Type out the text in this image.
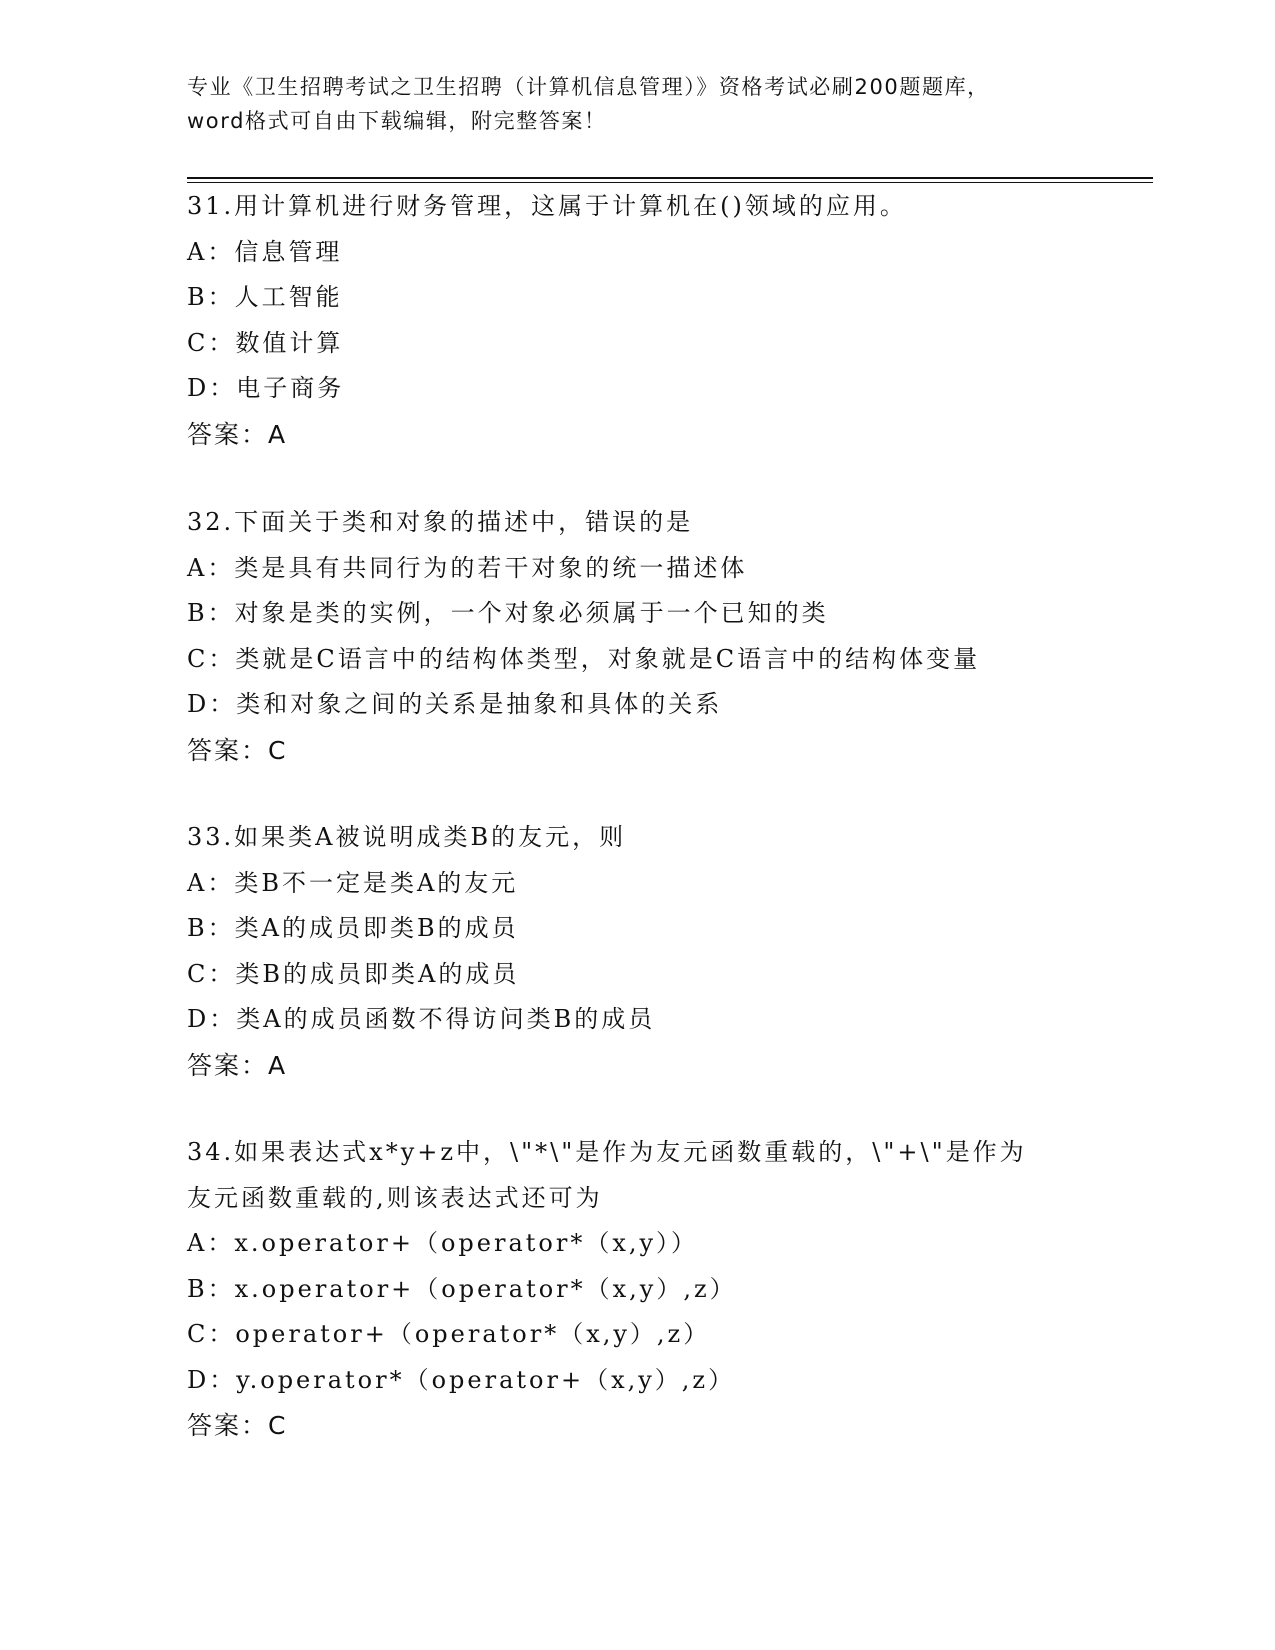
专业《卫生招聘考试之卫生招聘（计算机信息管理）》资格考试必刷200题题库，
word格式可自由下载编辑，附完整答案！
31.用计算机进行财务管理，这属于计算机在()领域的应用。
A：信息管理
B：人工智能
C：数值计算
D：电子商务
答案：A
32.下面关于类和对象的描述中，错误的是
A：类是具有共同行为的若干对象的统一描述体
B：对象是类的实例，一个对象必须属于一个已知的类
C：类就是C语言中的结构体类型，对象就是C语言中的结构体变量
D：类和对象之间的关系是抽象和具体的关系
答案：C
33.如果类A被说明成类B的友元，则
A：类B不一定是类A的友元
B：类A的成员即类B的成员
C：类B的成员即类A的成员
D：类A的成员函数不得访问类B的成员
答案：A
34.如果表达式x*y+z中，\"*\"是作为友元函数重载的，\"+\"是作为
友元函数重载的,则该表达式还可为
A：x.operator+（operator*（x,y））
B：x.operator+（operator*（x,y）,z）
C：operator+（operator*（x,y）,z）
D：y.operator*（operator+（x,y）,z）
答案：C
